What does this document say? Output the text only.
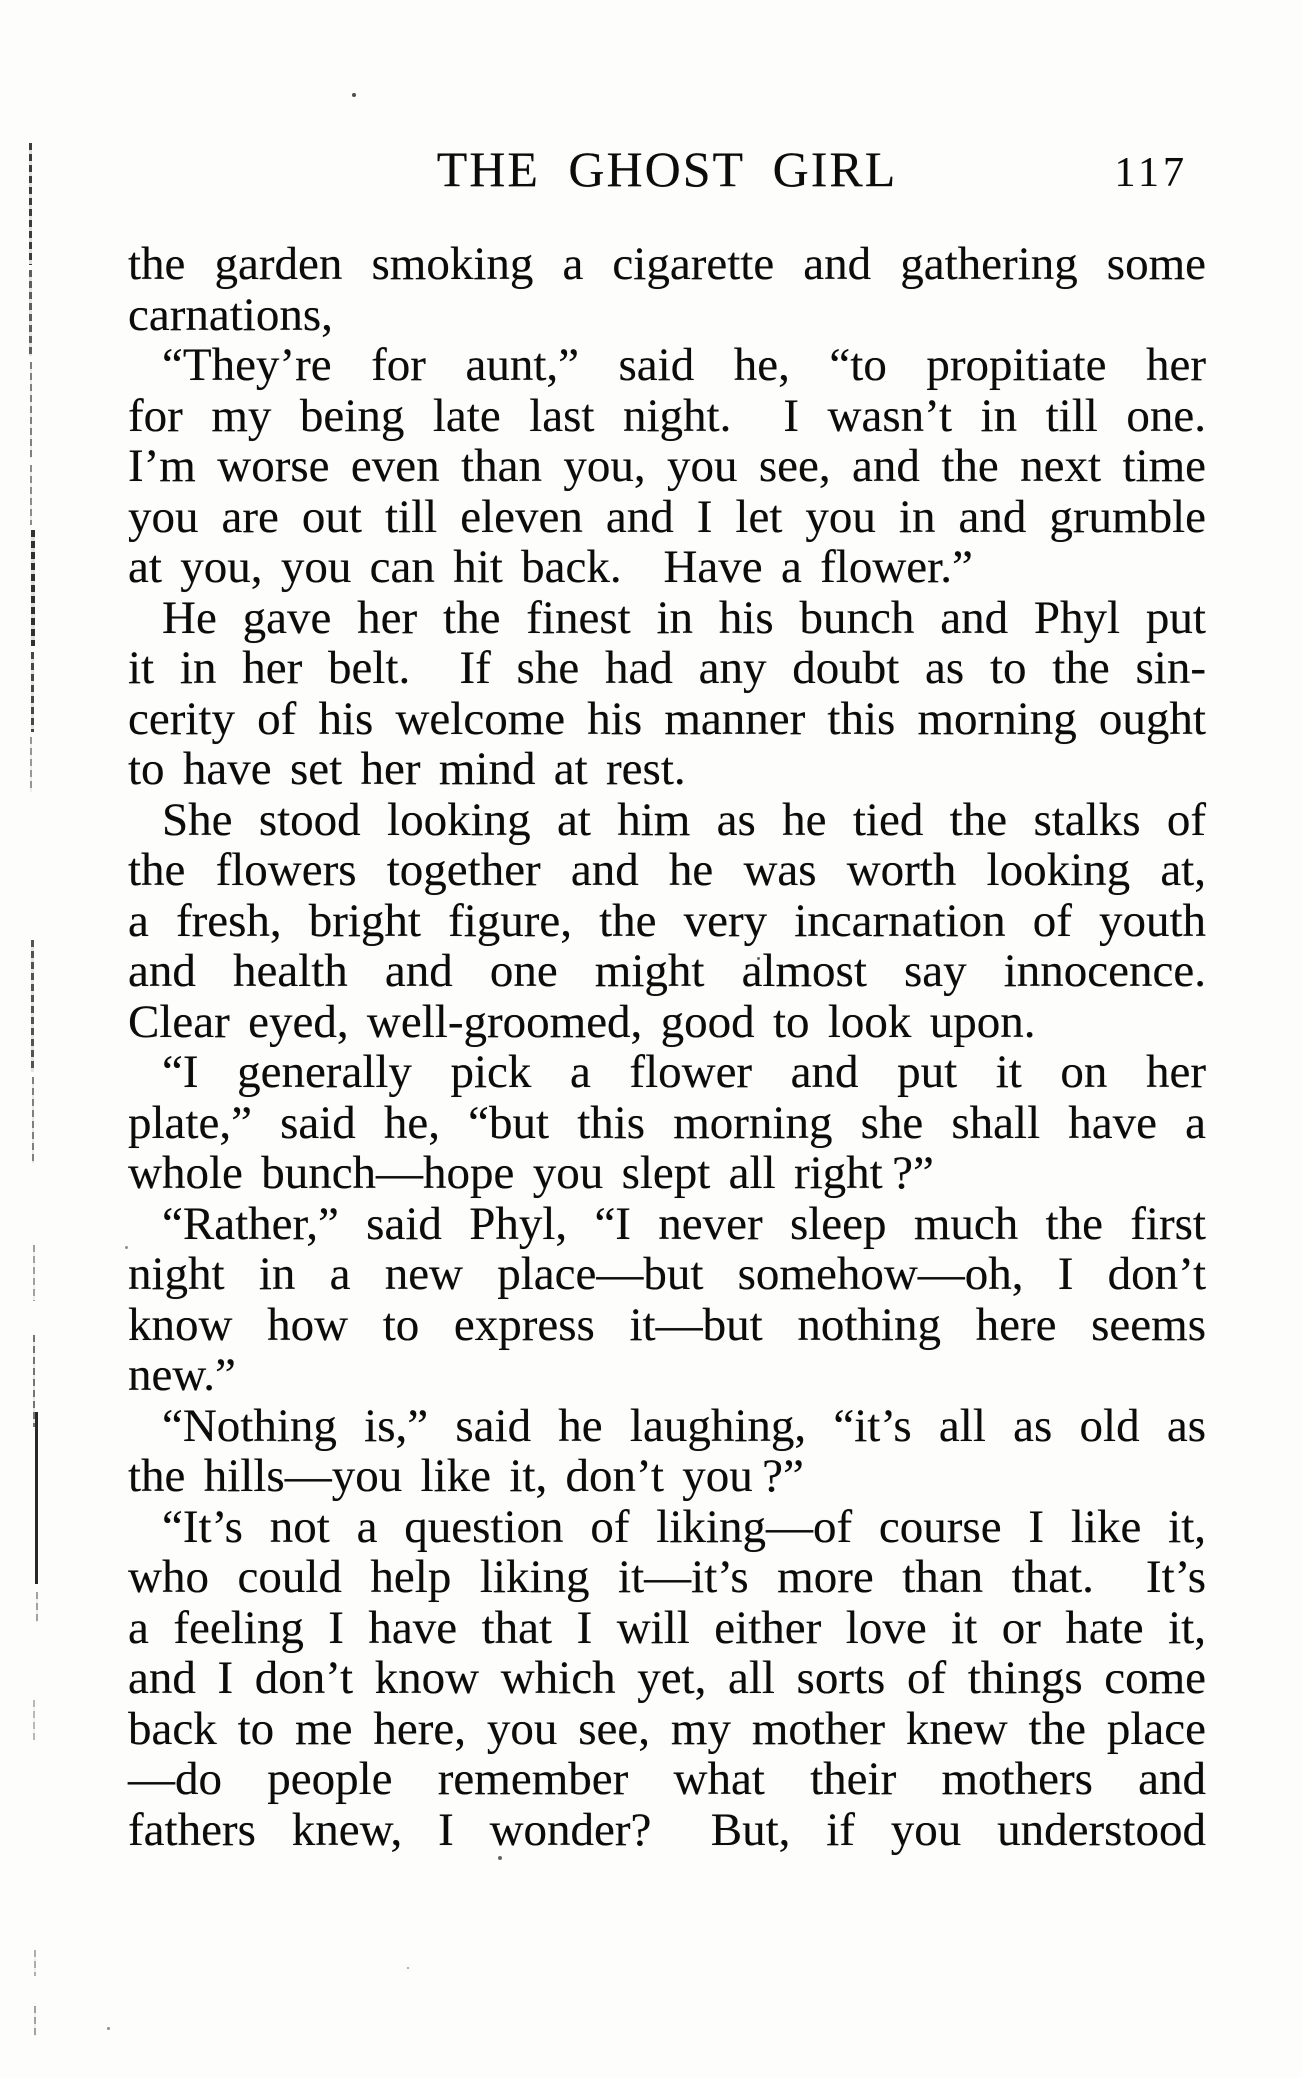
THE GHOST GIRL	117
the garden smoking a cigarette and gathering some
carnations,
“They’re for aunt,” said he, “to propitiate her
for my being late last night.  I wasn’t in till one.
I’m worse even than you, you see, and the next time
you are out till eleven and I let you in and grumble
at you, you can hit back.  Have a flower.”
He gave her the finest in his bunch and Phyl put
it in her belt.  If she had any doubt as to the sin-
cerity of his welcome his manner this morning ought
to have set her mind at rest.
She stood looking at him as he tied the stalks of
the flowers together and he was worth looking at,
a fresh, bright figure, the very incarnation of youth
and health and one might almost say innocence.
Clear eyed, well-groomed, good to look upon.
“I generally pick a flower and put it on her
plate,” said he, “but this morning she shall have a
whole bunch—hope you slept all right ?”
“Rather,” said Phyl, “I never sleep much the first
night in a new place—but somehow—oh, I don’t
know how to express it—but nothing here seems
new.”
“Nothing is,” said he laughing, “it’s all as old as
the hills—you like it, don’t you ?”
“It’s not a question of liking—of course I like it,
who could help liking it—it’s more than that.  It’s
a feeling I have that I will either love it or hate it,
and I don’t know which yet, all sorts of things come
back to me here, you see, my mother knew the place
—do people remember what their mothers and
fathers knew, I wonder?  But, if you understood
